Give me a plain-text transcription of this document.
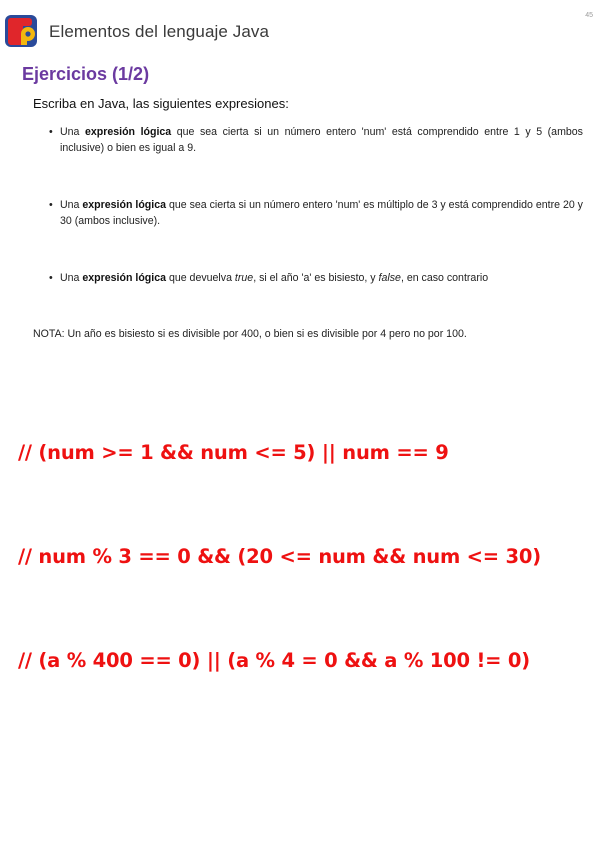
Elementos del lenguaje Java
45
Ejercicios (1/2)
Escriba en Java, las siguientes expresiones:
• Una expresión lógica que sea cierta si un número entero 'num' está comprendido entre 1 y 5 (ambos inclusive) o bien es igual a 9.
• Una expresión lógica que sea cierta si un número entero 'num' es múltiplo de 3 y está comprendido entre 20 y 30 (ambos inclusive).
• Una expresión lógica que devuelva true, si el año 'a' es bisiesto, y false, en caso contrario
NOTA: Un año es bisiesto si es divisible por 400, o bien si es divisible por 4 pero no por 100.
// (num >= 1 && num <= 5) || num == 9
// num % 3 == 0 && (20 <= num && num <= 30)
// (a % 400 == 0) || (a % 4 = 0 && a % 100 != 0)
